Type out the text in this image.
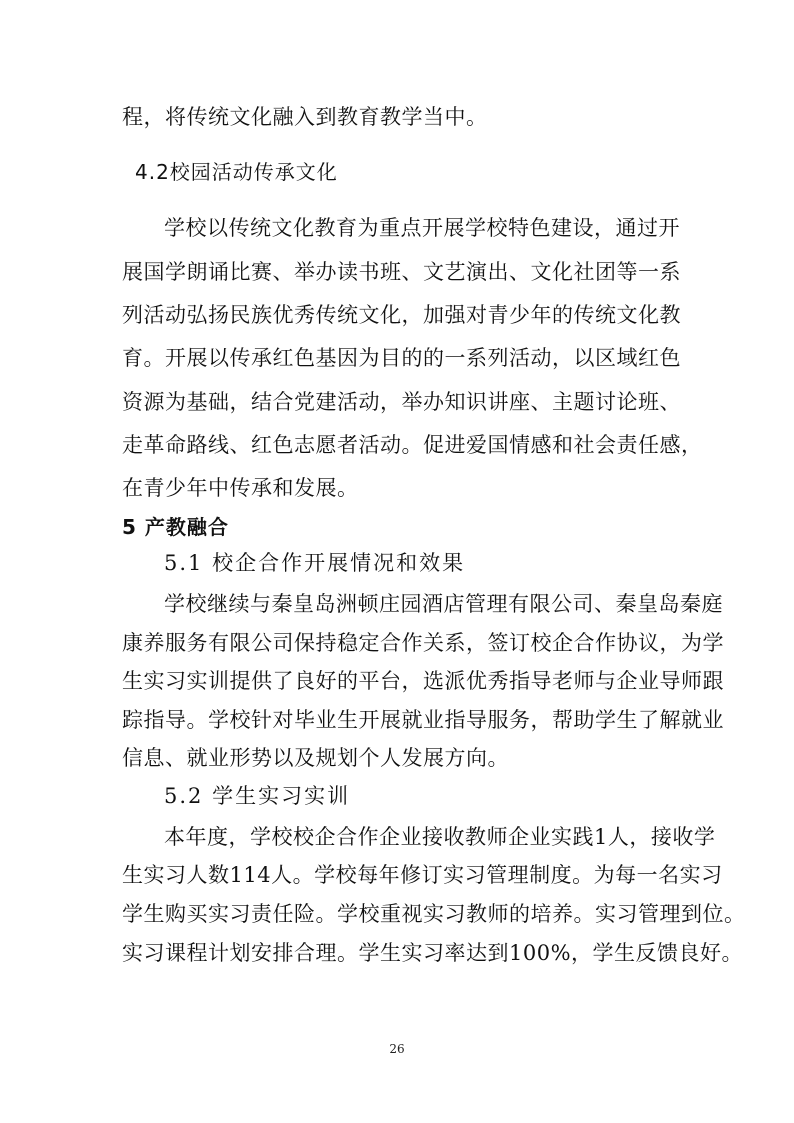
程，将传统文化融入到教育教学当中。
4.2校园活动传承文化
学校以传统文化教育为重点开展学校特色建设，通过开
展国学朗诵比赛、举办读书班、文艺演出、文化社团等一系
列活动弘扬民族优秀传统文化，加强对青少年的传统文化教
育。开展以传承红色基因为目的的一系列活动，以区域红色
资源为基础，结合党建活动，举办知识讲座、主题讨论班、
走革命路线、红色志愿者活动。促进爱国情感和社会责任感，
在青少年中传承和发展。
5 产教融合
5.1 校企合作开展情况和效果
学校继续与秦皇岛洲顿庄园酒店管理有限公司、秦皇岛秦庭
康养服务有限公司保持稳定合作关系，签订校企合作协议，为学
生实习实训提供了良好的平台，选派优秀指导老师与企业导师跟
踪指导。学校针对毕业生开展就业指导服务，帮助学生了解就业
信息、就业形势以及规划个人发展方向。
5.2 学生实习实训
本年度，学校校企合作企业接收教师企业实践1人，接收学
生实习人数114人。学校每年修订实习管理制度。为每一名实习
学生购买实习责任险。学校重视实习教师的培养。实习管理到位。
实习课程计划安排合理。学生实习率达到100%，学生反馈良好。
26
